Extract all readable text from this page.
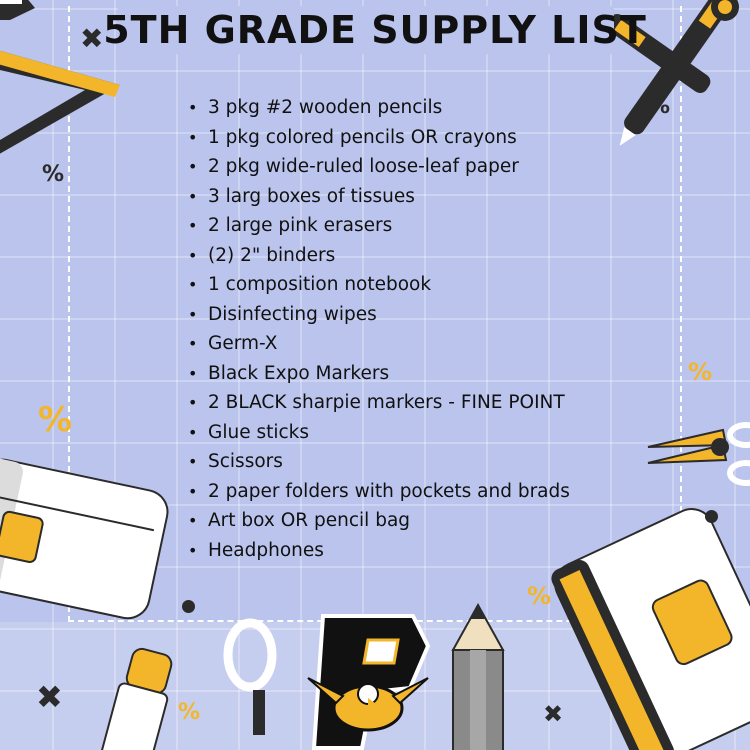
✖
%
%
%
%
%
%
✖	✖
5TH GRADE SUPPLY LIST
• 3 pkg #2 wooden pencils
• 1 pkg colored pencils OR crayons
• 2 pkg wide-ruled loose-leaf paper
• 3 larg boxes of tissues
• 2 large pink erasers
• (2) 2" binders
• 1 composition notebook
• Disinfecting wipes
• Germ-X
• Black Expo Markers
• 2 BLACK sharpie markers - FINE POINT
• Glue sticks
• Scissors
• 2 paper folders with pockets and brads
• Art box OR pencil bag
• Headphones
